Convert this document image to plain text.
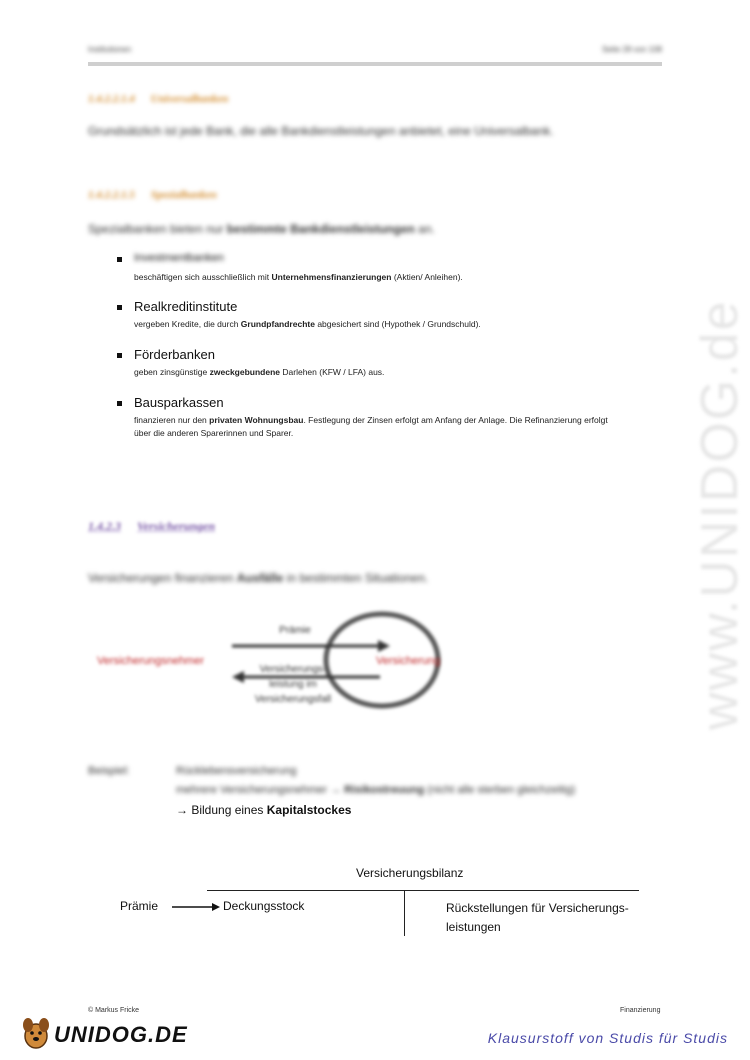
www.UNIDOG.de
Institutionen	Seite 28 von 108
1.4.2.2.1.4 Universalbanken
Grundsätzlich ist jede Bank, die alle Bankdienstleistungen anbietet, eine Universalbank.
1.4.2.2.1.5 Spezialbanken
Spezialbanken bieten nur bestimmte Bankdienstleistungen an.
Investmentbanken
beschäftigen sich ausschließlich mit Unternehmensfinanzierungen (Aktien/ Anleihen).
Realkreditinstitute
vergeben Kredite, die durch Grundpfandrechte abgesichert sind (Hypothek / Grundschuld).
Förderbanken
geben zinsgünstige zweckgebundene Darlehen (KFW / LFA) aus.
Bausparkassen
finanzieren nur den privaten Wohnungsbau. Festlegung der Zinsen erfolgt am Anfang der Anlage. Die Refinanzierung erfolgt
über die anderen Sparerinnen und Sparer.
1.4.2.3 Versicherungen
Versicherungen finanzieren Ausfälle in bestimmten Situationen.
Versicherungsnehmer	Versicherung
Prämie
Versicherungs-
leistung im
Versicherungsfall
Beispiel:	Rücklebensversicherung
mehrere Versicherungsnehmer → Risikostreuung (nicht alle sterben gleichzeitig)
→ Bildung eines Kapitalstockes
Versicherungsbilanz
Prämie	Deckungsstock	Rückstellungen für Versicherungs-
leistungen
© Markus Fricke	Finanzierung
UNIDOG.DE	Klausurstoff von Studis für Studis
